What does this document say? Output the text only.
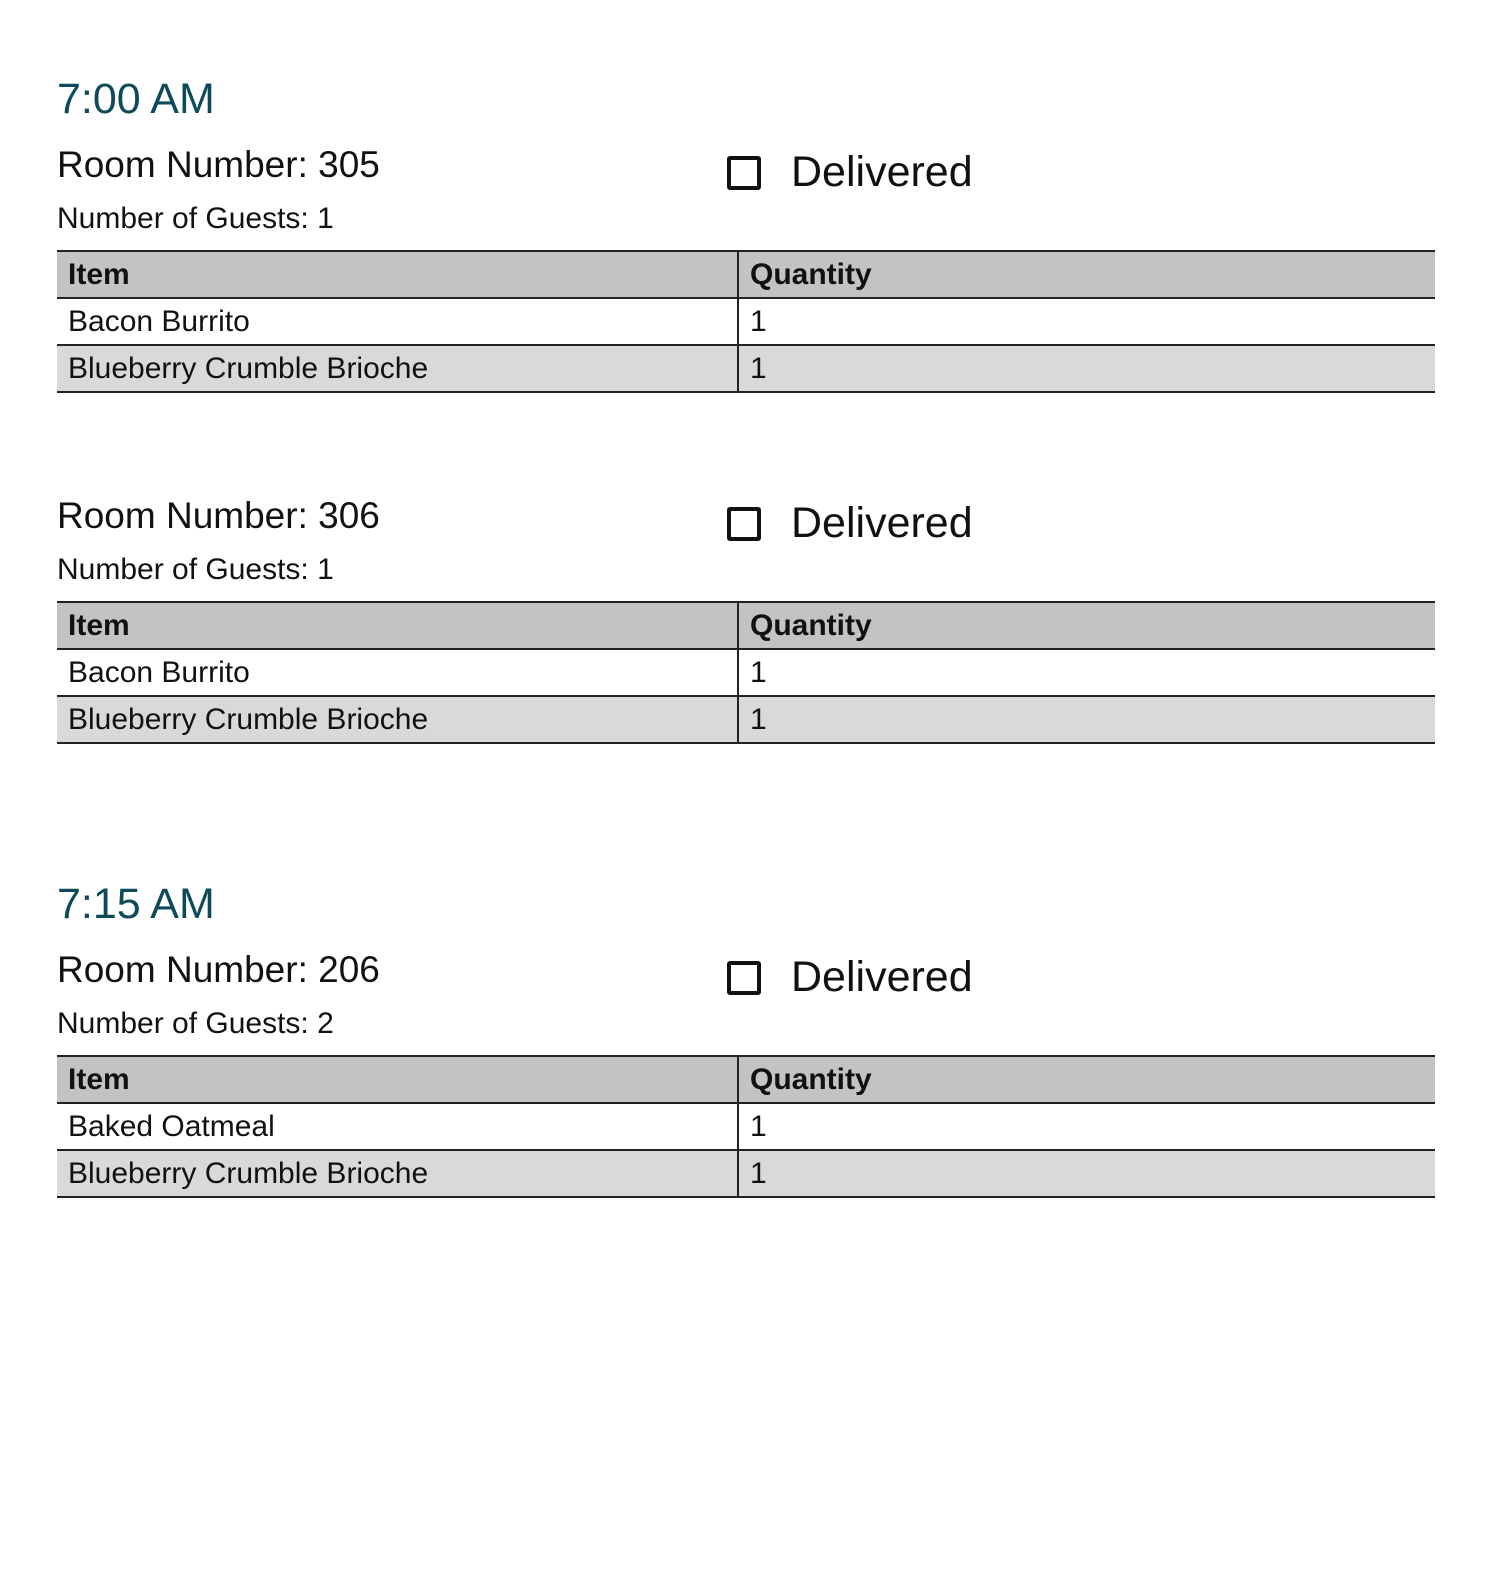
7:00 AM
Room Number: 305	Delivered
Number of Guests: 1
Item	Quantity
Bacon Burrito	1
Blueberry Crumble Brioche	1
Room Number: 306	Delivered
Number of Guests: 1
Item	Quantity
Bacon Burrito	1
Blueberry Crumble Brioche	1
7:15 AM
Room Number: 206	Delivered
Number of Guests: 2
Item	Quantity
Baked Oatmeal	1
Blueberry Crumble Brioche	1
